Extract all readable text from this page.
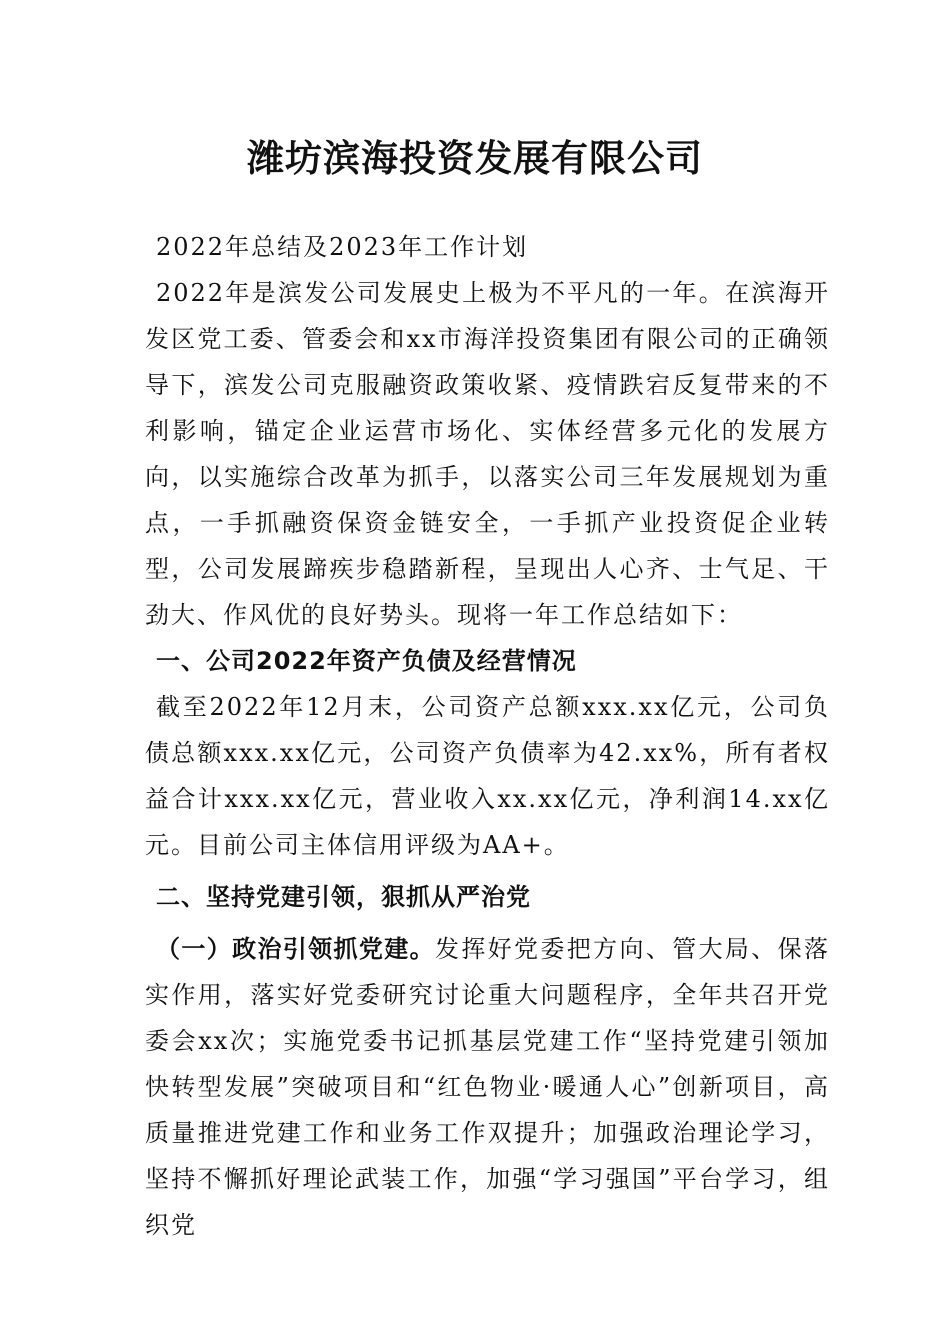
潍坊滨海投资发展有限公司

2022年总结及2023年工作计划

2022年是滨发公司发展史上极为不平凡的一年。在滨海开发区党工委、管委会和xx市海洋投资集团有限公司的正确领导下，滨发公司克服融资政策收紧、疫情跌宕反复带来的不利影响，锚定企业运营市场化、实体经营多元化的发展方向，以实施综合改革为抓手，以落实公司三年发展规划为重点，一手抓融资保资金链安全，一手抓产业投资促企业转型，公司发展蹄疾步稳踏新程，呈现出人心齐、士气足、干劲大、作风优的良好势头。现将一年工作总结如下：

一、公司2022年资产负债及经营情况

截至2022年12月末，公司资产总额xxx.xx亿元，公司负债总额xxx.xx亿元，公司资产负债率为42.xx%，所有者权益合计xxx.xx亿元，营业收入xx.xx亿元，净利润14.xx亿元。目前公司主体信用评级为AA+。

二、坚持党建引领，狠抓从严治党

（一）政治引领抓党建。发挥好党委把方向、管大局、保落实作用，落实好党委研究讨论重大问题程序，全年共召开党委会xx次；实施党委书记抓基层党建工作“坚持党建引领加快转型发展”突破项目和“红色物业·暖通人心”创新项目，高质量推进党建工作和业务工作双提升；加强政治理论学习，坚持不懈抓好理论武装工作，加强“学习强国”平台学习，组织党
